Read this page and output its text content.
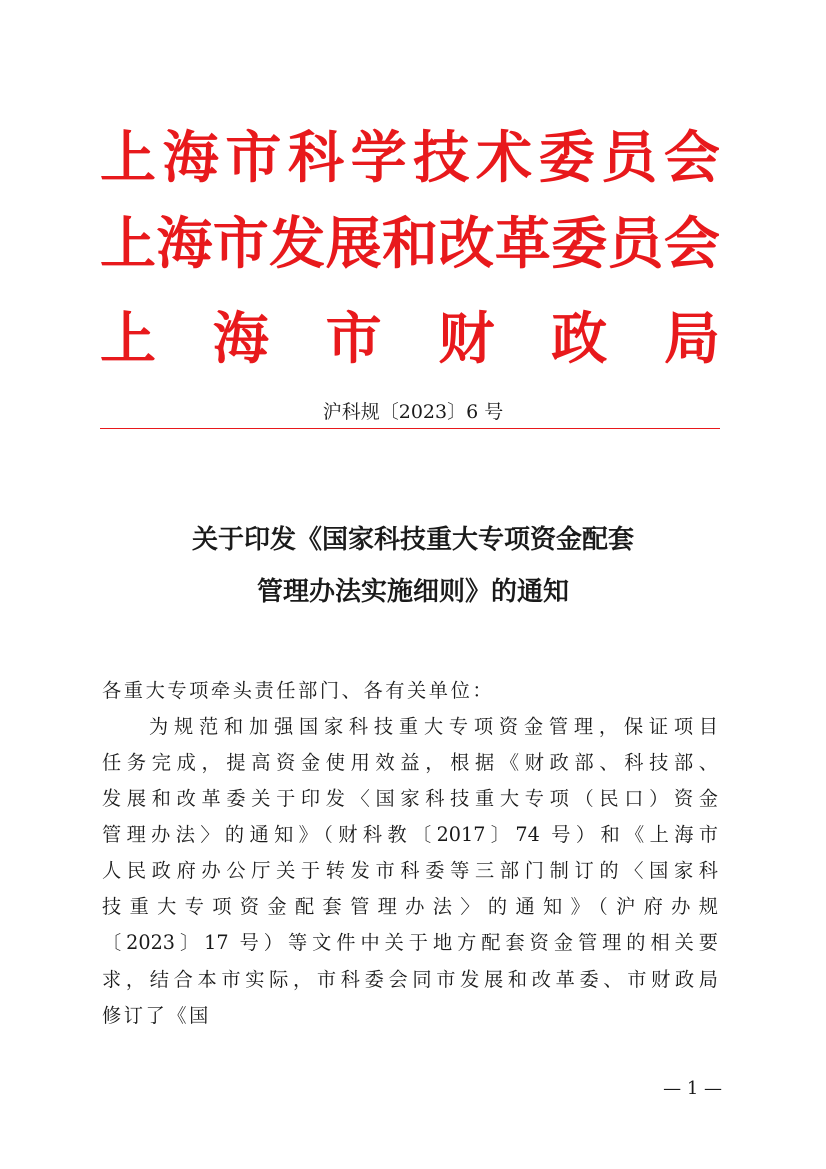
上 海 市 科 学 技 术 委 员 会
上 海 市 发 展 和 改 革 委 员 会
上 海 市 财 政 局
沪科规〔2023〕6 号
关于印发《国家科技重大专项资金配套
管理办法实施细则》的通知
各重大专项牵头责任部门、各有关单位：
为规范和加强国家科技重大专项资金管理，保证项目
任务完成，提高资金使用效益，根据《财政部、科技部、
发展和改革委关于印发〈国家科技重大专项（民口）资金
管理办法〉的通知》（财科教〔2017〕74 号）和《上海市
人民政府办公厅关于转发市科委等三部门制订的〈国家科
技重大专项资金配套管理办法〉的通知》（沪府办规
〔2023〕17 号）等文件中关于地方配套资金管理的相关要
求，结合本市实际，市科委会同市发展和改革委、市财政局
修订了《国
— 1 —
